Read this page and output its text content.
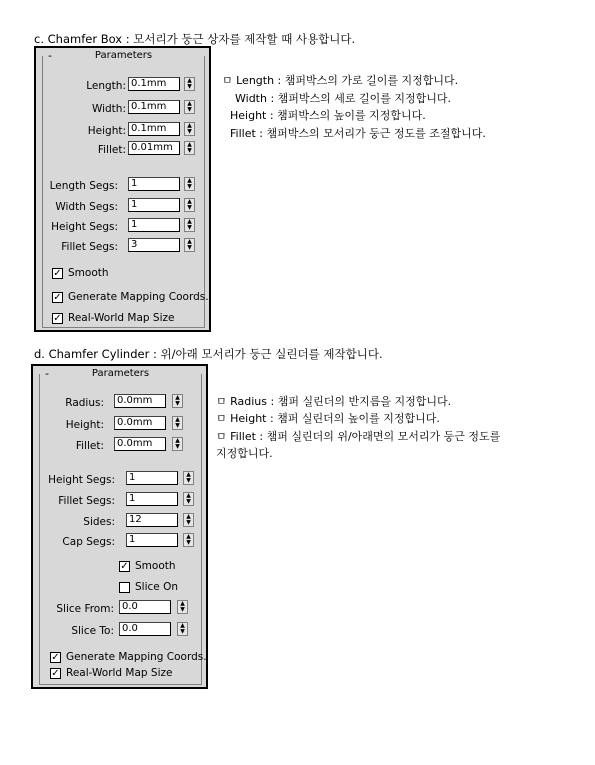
c. Chamfer Box : 모서리가 둥근 상자를 제작할 때 사용합니다.
Parameters
-
Length: 0.1mm	▲
▼
Width: 0.1mm	▲
▼
Height: 0.1mm	▲
▼
Fillet: 0.01mm	▲
▼
Length Segs:	1	▲
▼
Width Segs:	1	▲
▼
Height Segs:	1	▲
▼
Fillet Segs:	3	▲
▼
✓ Smooth
✓ Generate Mapping Coords.
✓ Real-World Map Size
ㅁ Length : 챔퍼박스의 가로 길이를 지정합니다.
Width : 챔퍼박스의 세로 길이를 지정합니다.
Height : 챔퍼박스의 높이를 지정합니다.
Fillet : 챔퍼박스의 모서리가 둥근 정도를 조절합니다.
d. Chamfer Cylinder : 위/아래 모서리가 둥근 실린더를 제작합니다.
Parameters
-
Radius:	0.0mm	▲
▼
Height:	0.0mm	▲
▼
Fillet:	0.0mm	▲
▼
Height Segs:	1	▲
▼
Fillet Segs:	1	▲
▼
Sides:	12	▲
▼
Cap Segs:	1	▲
▼
✓ Smooth
Slice On
Slice From: 0.0	▲
▼
Slice To: 0.0	▲
▼
✓ Generate Mapping Coords.
✓ Real-World Map Size
ㅁ Radius : 챔퍼 실린더의 반지름을 지정합니다.
ㅁ Height : 챔퍼 실린더의 높이를 지정합니다.
ㅁ Fillet : 챔퍼 실린더의 위/아래면의 모서리가 둥근 정도를
지정합니다.
